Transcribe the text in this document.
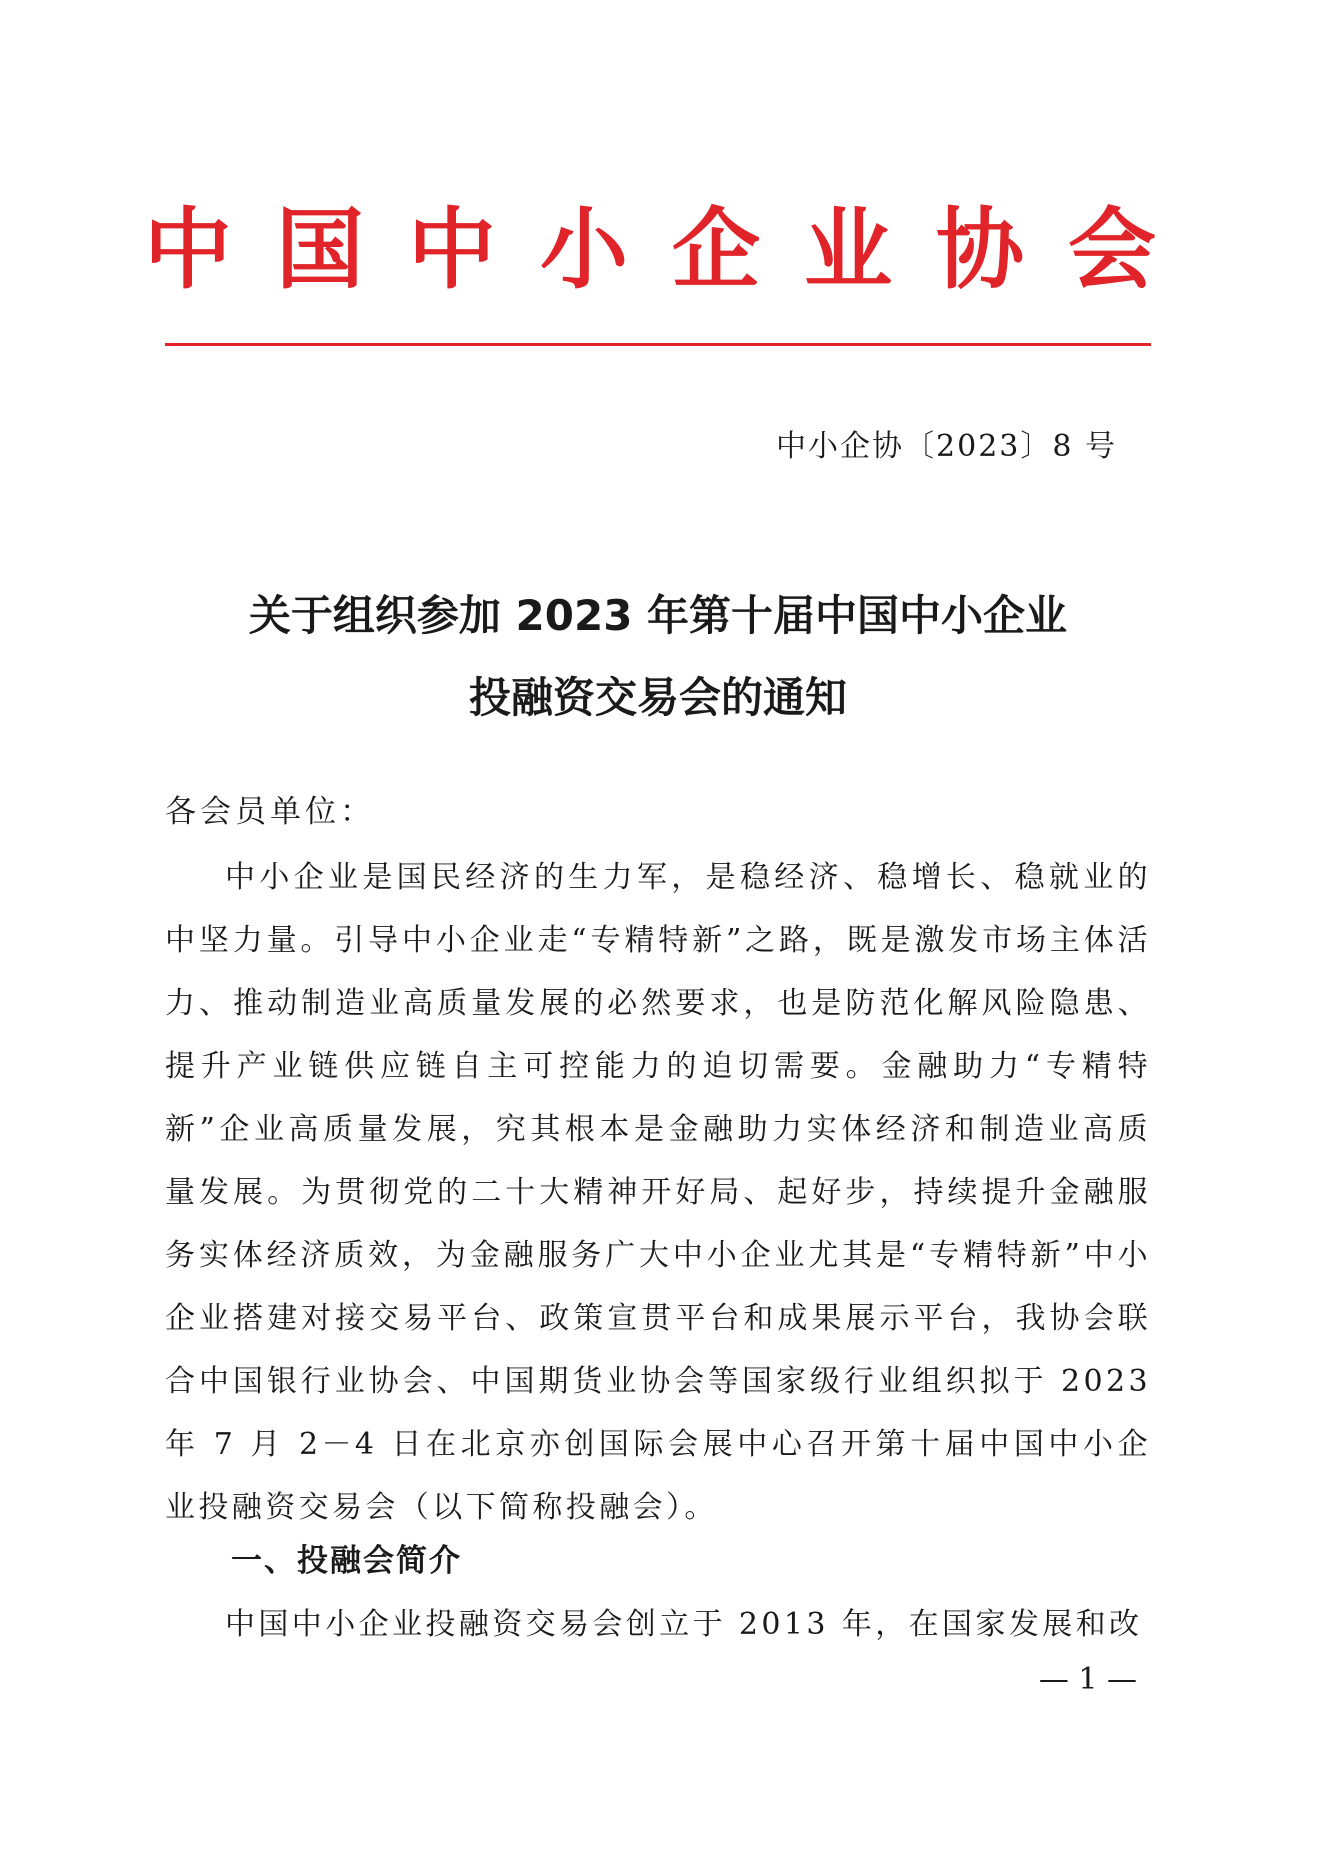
中国中小企业协会
中小企协〔2023〕8 号
关于组织参加 2023 年第十届中国中小企业
投融资交易会的通知
各会员单位：

中小企业是国民经济的生力军，是稳经济、稳增长、稳就业的中坚力量。引导中小企业走“专精特新”之路，既是激发市场主体活力、推动制造业高质量发展的必然要求，也是防范化解风险隐患、提升产业链供应链自主可控能力的迫切需要。金融助力“专精特新”企业高质量发展，究其根本是金融助力实体经济和制造业高质量发展。为贯彻党的二十大精神开好局、起好步，持续提升金融服务实体经济质效，为金融服务广大中小企业尤其是“专精特新”中小企业搭建对接交易平台、政策宣贯平台和成果展示平台，我协会联合中国银行业协会、中国期货业协会等国家级行业组织拟于 2023 年 7 月 2－4 日在北京亦创国际会展中心召开第十届中国中小企业投融资交易会（以下简称投融会）。

一、投融会简介

中国中小企业投融资交易会创立于 2013 年，在国家发展和改

— 1 —
